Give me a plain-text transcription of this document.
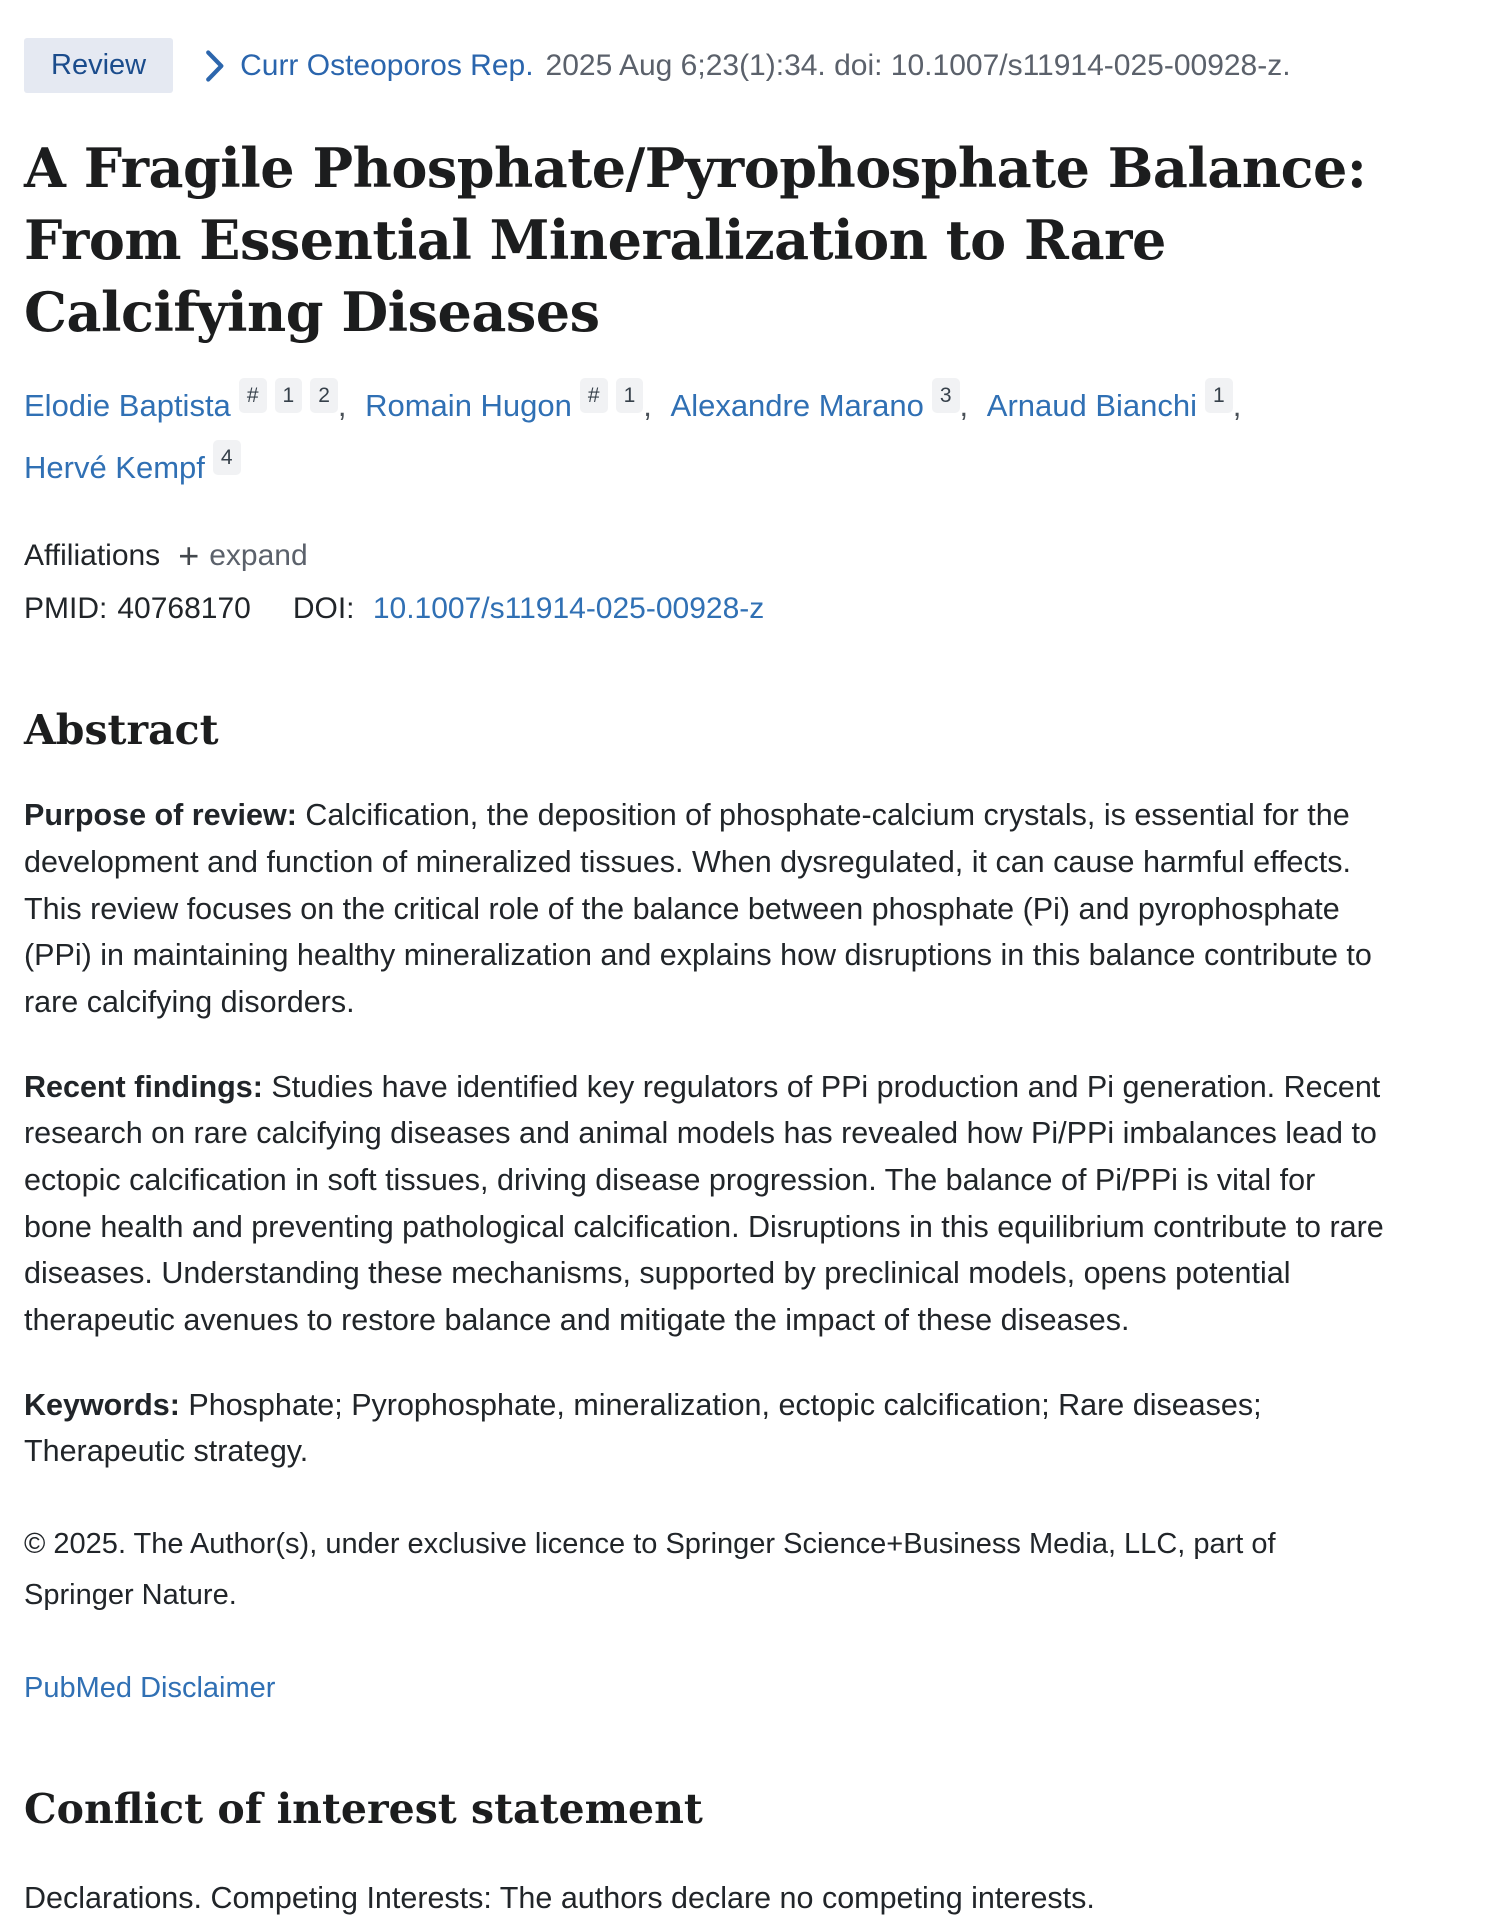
Review	Curr Osteoporos Rep. 2025 Aug 6;23(1):34. doi: 10.1007/s11914-025-00928-z.
A Fragile Phosphate/Pyrophosphate Balance: From Essential Mineralization to Rare Calcifying Diseases
Elodie Baptista # 1 2 , Romain Hugon # 1 , Alexandre Marano 3 , Arnaud Bianchi 1 , Hervé Kempf 4
Affiliations + expand
PMID: 40768170 DOI: 10.1007/s11914-025-00928-z
Abstract

Purpose of review: Calcification, the deposition of phosphate-calcium crystals, is essential for the development and function of mineralized tissues. When dysregulated, it can cause harmful effects. This review focuses on the critical role of the balance between phosphate (Pi) and pyrophosphate (PPi) in maintaining healthy mineralization and explains how disruptions in this balance contribute to rare calcifying disorders.

Recent findings: Studies have identified key regulators of PPi production and Pi generation. Recent research on rare calcifying diseases and animal models has revealed how Pi/PPi imbalances lead to ectopic calcification in soft tissues, driving disease progression. The balance of Pi/PPi is vital for bone health and preventing pathological calcification. Disruptions in this equilibrium contribute to rare diseases. Understanding these mechanisms, supported by preclinical models, opens potential therapeutic avenues to restore balance and mitigate the impact of these diseases.

Keywords: Phosphate; Pyrophosphate, mineralization, ectopic calcification; Rare diseases; Therapeutic strategy.

© 2025. The Author(s), under exclusive licence to Springer Science+Business Media, LLC, part of Springer Nature.
PubMed Disclaimer
Conflict of interest statement

Declarations. Competing Interests: The authors declare no competing interests.
